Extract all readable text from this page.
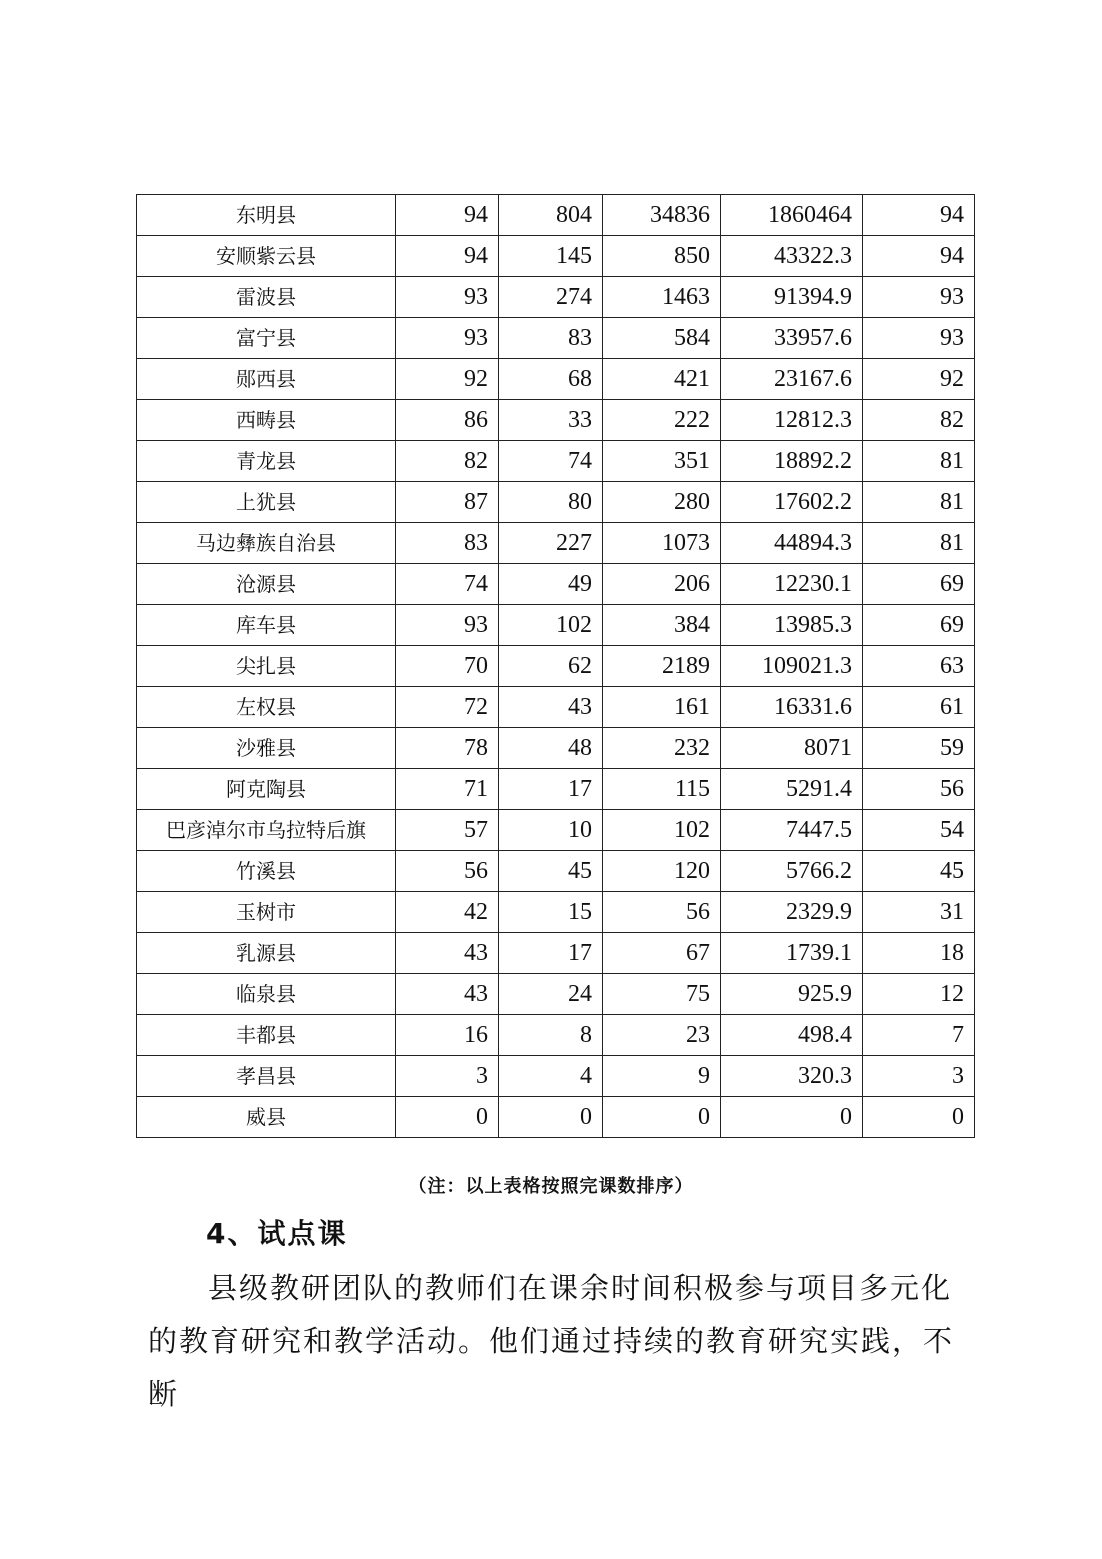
东明县	94	804	34836	1860464	94
安顺紫云县	94	145	850	43322.3	94
雷波县	93	274	1463	91394.9	93
富宁县	93	83	584	33957.6	93
郧西县	92	68	421	23167.6	92
西畴县	86	33	222	12812.3	82
青龙县	82	74	351	18892.2	81
上犹县	87	80	280	17602.2	81
马边彝族自治县	83	227	1073	44894.3	81
沧源县	74	49	206	12230.1	69
库车县	93	102	384	13985.3	69
尖扎县	70	62	2189	109021.3	63
左权县	72	43	161	16331.6	61
沙雅县	78	48	232	8071	59
阿克陶县	71	17	115	5291.4	56
巴彦淖尔市乌拉特后旗	57	10	102	7447.5	54
竹溪县	56	45	120	5766.2	45
玉树市	42	15	56	2329.9	31
乳源县	43	17	67	1739.1	18
临泉县	43	24	75	925.9	12
丰都县	16	8	23	498.4	7
孝昌县	3	4	9	320.3	3
威县	0	0	0	0	0
（注：以上表格按照完课数排序）
4、试点课

县级教研团队的教师们在课余时间积极参与项目多元化的教育研究和教学活动。他们通过持续的教育研究实践，不断
